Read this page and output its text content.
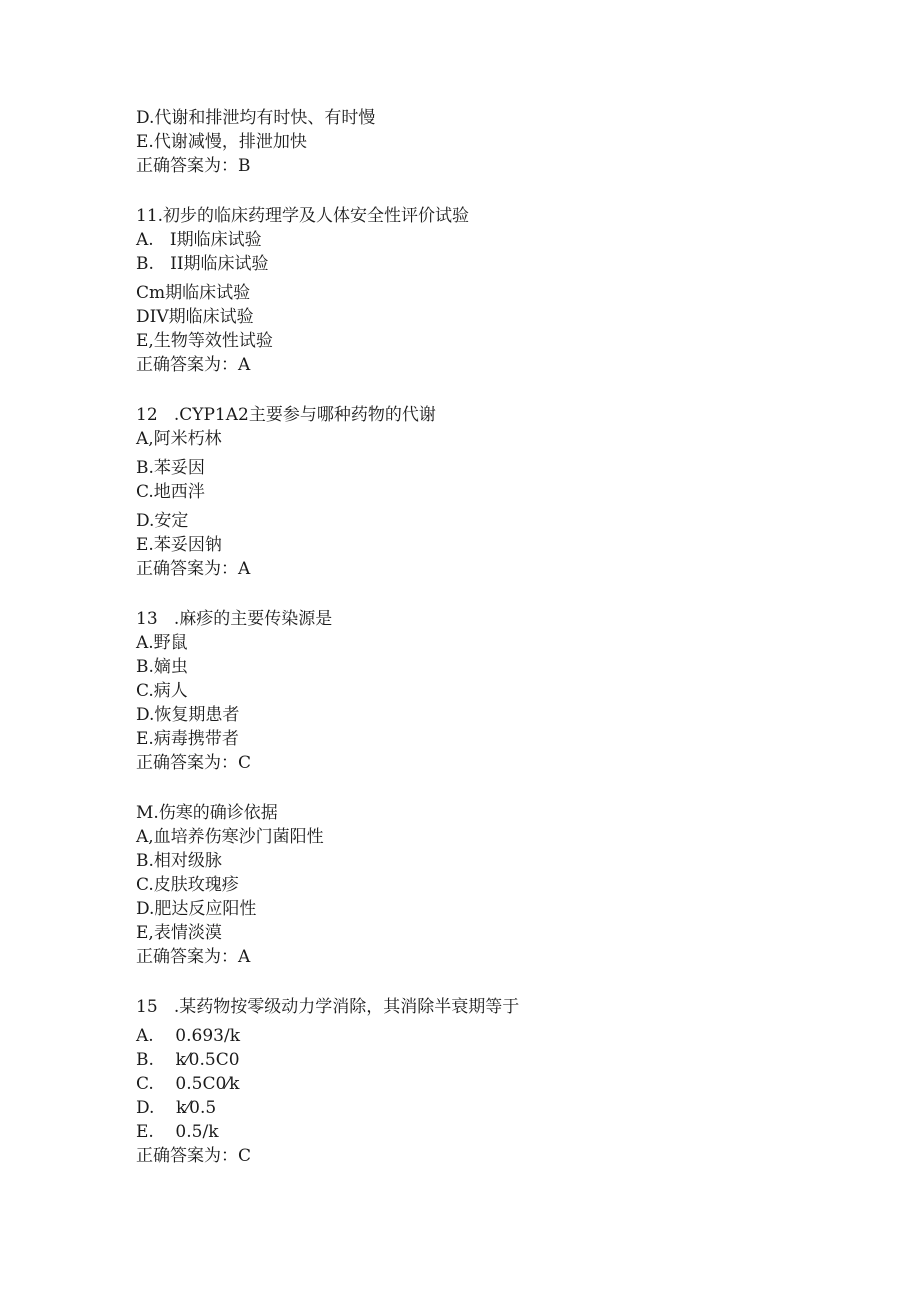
D.代谢和排泄均有时快、有时慢
E.代谢减慢，排泄加快
正确答案为：B
11.初步的临床药理学及人体安全性评价试验
A.   I期临床试验
B.   II期临床试验
Cm期临床试验
DIV期临床试验
E,生物等效性试验
正确答案为：A
12   .CYP1A2主要参与哪种药物的代谢
A,阿米朽林
B.苯妥因
C.地西泮
D.安定
E.苯妥因钠
正确答案为：A
13   .麻疹的主要传染源是
A.野鼠
B.嫡虫
C.病人
D.恢复期患者
E.病毒携带者
正确答案为：C
M.伤寒的确诊依据
A,血培养伤寒沙门菌阳性
B.相对级脉
C.皮肤玫瑰疹
D.肥达反应阳性
E,表情淡漠
正确答案为：A
15   .某药物按零级动力学消除，其消除半衰期等于
A.    0.693/k
B.    k⁄0.5C0
C.    0.5C0⁄k
D.    k⁄0.5
E.    0.5/k
正确答案为：C
